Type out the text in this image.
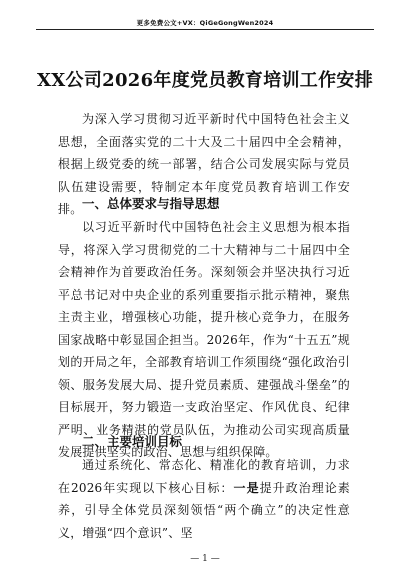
更多免费公文+VX：QiGeGongWen2024
XX公司2026年度党员教育培训工作安排
为深入学习贯彻习近平新时代中国特色社会主义思想，全面落实党的二十大及二十届四中全会精神，根据上级党委的统一部署，结合公司发展实际与党员队伍建设需要，特制定本年度党员教育培训工作安排。 一、总体要求与指导思想
以习近平新时代中国特色社会主义思想为根本指导，将深入学习贯彻党的二十大精神与二十届四中全会精神作为首要政治任务。深刻领会并坚决执行习近平总书记对中央企业的系列重要指示批示精神，聚焦主责主业，增强核心功能，提升核心竞争力，在服务国家战略中彰显国企担当。2026年，作为“十五五”规划的开局之年，全部教育培训工作须围绕“强化政治引领、服务发展大局、提升党员素质、建强战斗堡垒”的目标展开，努力锻造一支政治坚定、作风优良、纪律严明、业务精湛的党员队伍，为推动公司实现高质量发展提供坚实的政治、思想与组织保障。
二、主要培训目标
通过系统化、常态化、精准化的教育培训，力求在2026年实现以下核心目标：一是提升政治理论素养，引导全体党员深刻领悟“两个确立”的决定性意义，增强“四个意识”、坚
— 1 —
